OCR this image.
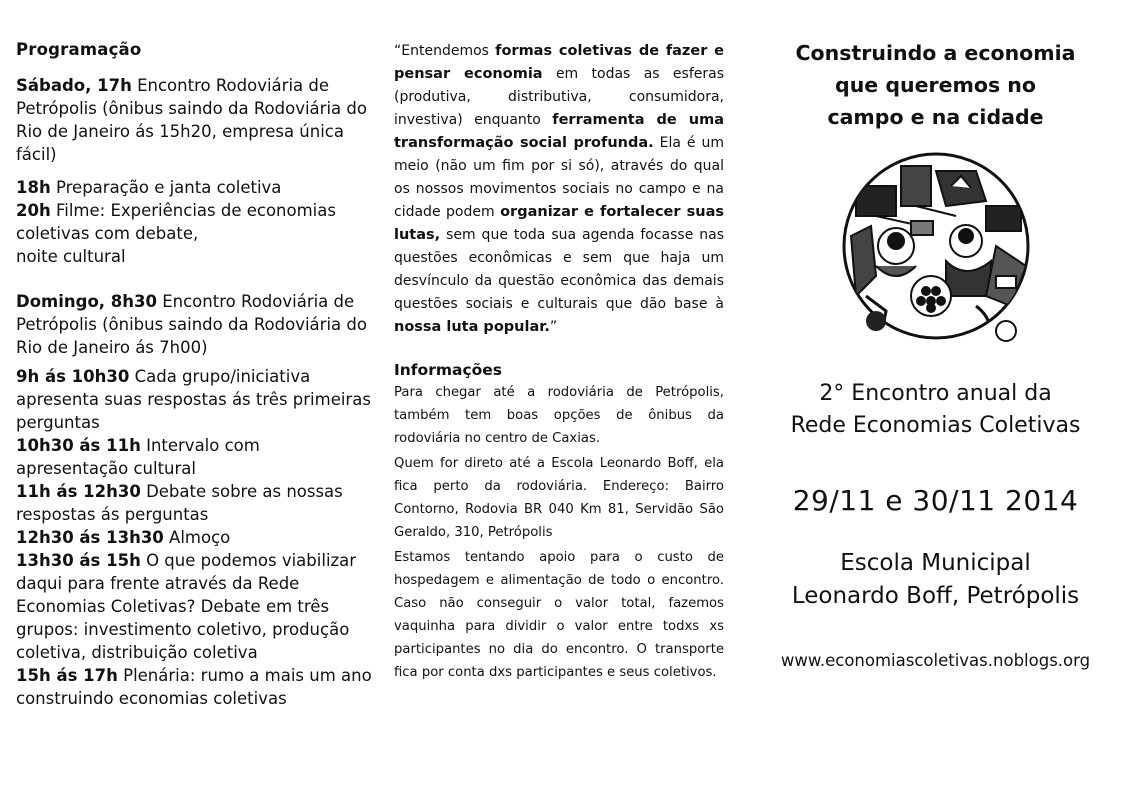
Programação

Sábado, 17h Encontro Rodoviária de Petrópolis (ônibus saindo da Rodoviária do Rio de Janeiro ás 15h20, empresa única fácil)

18h Preparação e janta coletiva

20h Filme: Experiências de economias coletivas com debate,

noite cultural

Domingo, 8h30 Encontro Rodoviária de Petrópolis (ônibus saindo da Rodoviária do Rio de Janeiro ás 7h00)

9h ás 10h30 Cada grupo/iniciativa apresenta suas respostas ás três primeiras perguntas

10h30 ás 11h Intervalo com apresentação cultural

11h ás 12h30 Debate sobre as nossas respostas ás perguntas

12h30 ás 13h30 Almoço

13h30 ás 15h O que podemos viabilizar daqui para frente através da Rede Economias Coletivas? Debate em três grupos: investimento coletivo, produção coletiva, distribuição coletiva

15h ás 17h Plenária: rumo a mais um ano construindo economias coletivas

“Entendemos formas coletivas de fazer e pensar economia em todas as esferas (produtiva, distributiva, consumidora, investiva) enquanto ferramenta de uma transformação social profunda. Ela é um meio (não um fim por si só), através do qual os nossos movimentos sociais no campo e na cidade podem organizar e fortalecer suas lutas, sem que toda sua agenda focasse nas questões econômicas e sem que haja um desvínculo da questão econômica das demais questões sociais e culturais que dão base à nossa luta popular.”

Informações

Para chegar até a rodoviária de Petrópolis, também tem boas opções de ônibus da rodoviária no centro de Caxias.

Quem for direto até a Escola Leonardo Boff, ela fica perto da rodoviária. Endereço: Bairro Contorno, Rodovia BR 040 Km 81, Servidão São Geraldo, 310, Petrópolis

Estamos tentando apoio para o custo de hospedagem e alimentação de todo o encontro. Caso não conseguir o valor total, fazemos vaquinha para dividir o valor entre todxs xs participantes no dia do encontro. O transporte fica por conta dxs participantes e seus coletivos.

Construindo a economia

que queremos no

campo e na cidade

2° Encontro anual da
Rede Economias Coletivas
29/11 e 30/11 2014
Escola Municipal
Leonardo Boff, Petrópolis
www.economiascoletivas.noblogs.org
